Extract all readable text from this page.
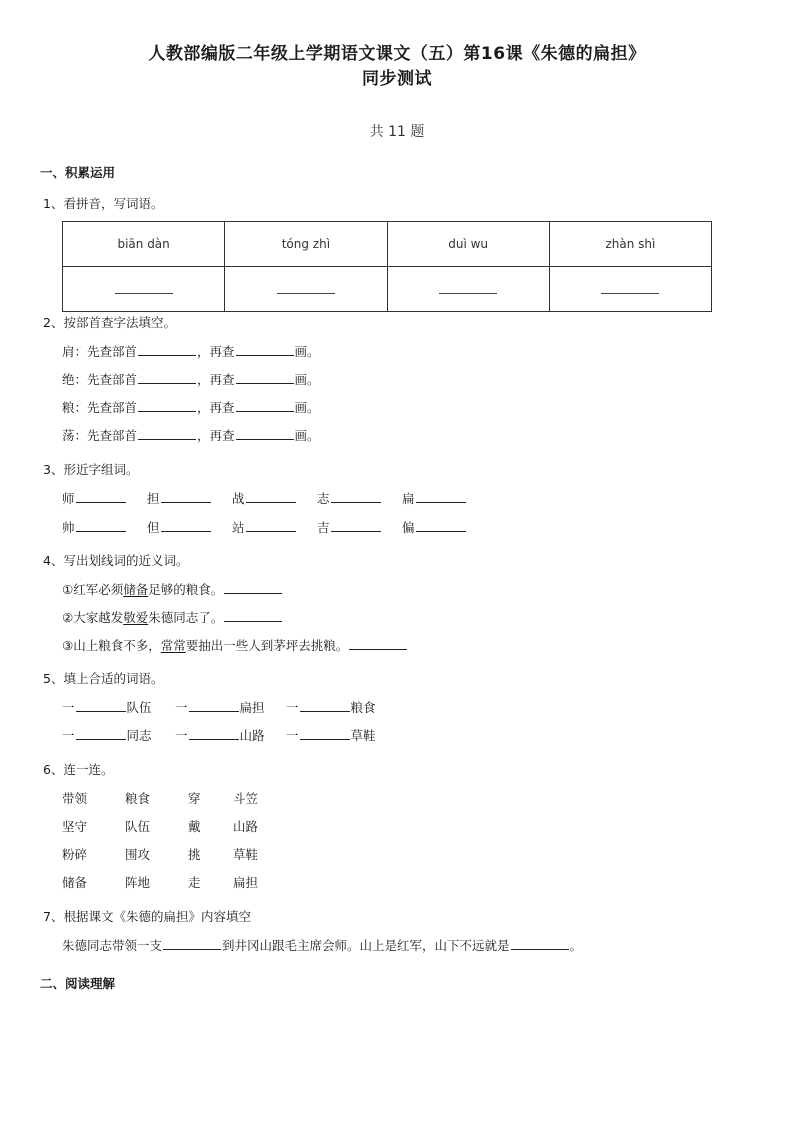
人教部编版二年级上学期语文课文（五）第16课《朱德的扁担》
同步测试
共 11 题
一、积累运用
1、看拼音，写词语。
biān dàn	tóng zhì	duì wu	zhàn shì

2、按部首查字法填空。
肩：先查部首	，再查	画。
绝：先查部首	，再查	画。
粮：先查部首	，再查	画。
荡：先查部首	，再查	画。
3、形近字组词。
师	担	战	志	扁
帅	但	站	吉	偏
4、写出划线词的近义词。
①红军必须储备足够的粮食。
②大家越发敬爱朱德同志了。
③山上粮食不多，常常要抽出一些人到茅坪去挑粮。
5、填上合适的词语。
一	队伍 一	扁担 一	粮食
一	同志 一	山路 一	草鞋
6、连一连。
带领	粮食	穿	斗笠
坚守	队伍	戴	山路
粉碎	围攻	挑	草鞋
储备	阵地	走	扁担
7、根据课文《朱德的扁担》内容填空
朱德同志带领一支	到井冈山跟毛主席会师。山上是红军，山下不远就是	。
二、阅读理解
